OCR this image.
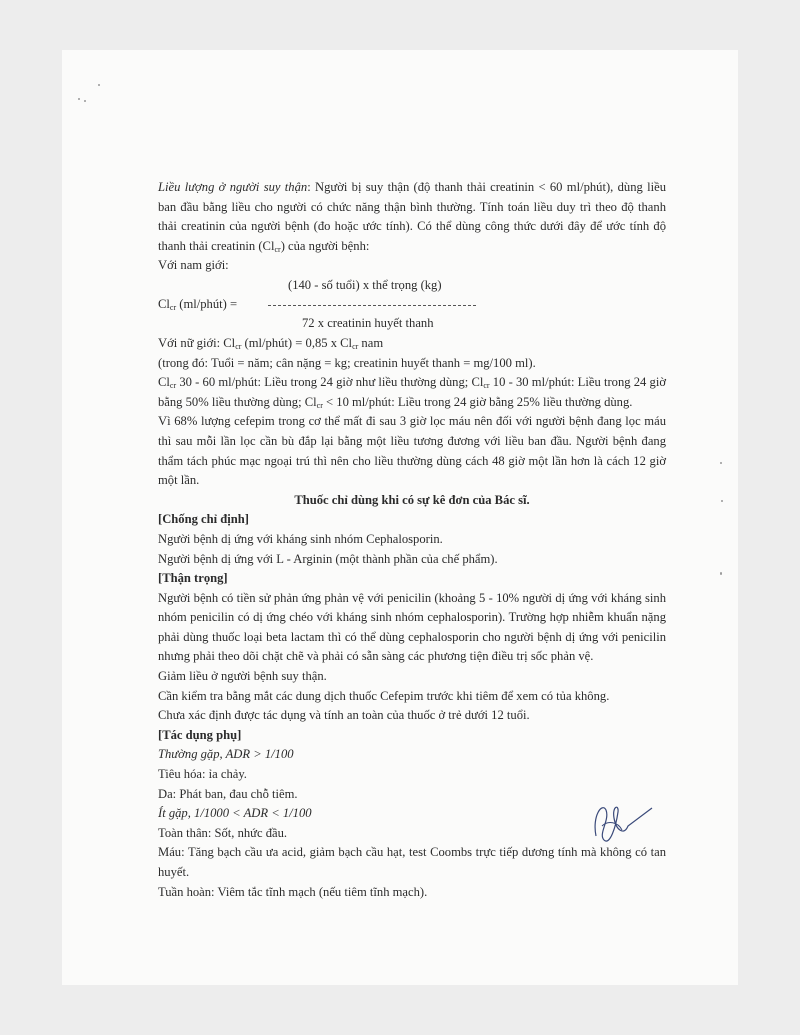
Liều lượng ở người suy thận: Người bị suy thận (độ thanh thải creatinin < 60 ml/phút), dùng liều ban đầu bằng liều cho người có chức năng thận bình thường. Tính toán liều duy trì theo độ thanh thải creatinin của người bệnh (đo hoặc ước tính). Có thể dùng công thức dưới đây để ước tính độ thanh thải creatinin $(Cl_{cr})$ của người bệnh:

Với nam giới:

(140 - số tuổi) x thể trọng (kg)
$Cl_{cr}$ (ml/phút) =
72 x creatinin huyết thanh

Với nữ giới: $Cl_{cr}$ (ml/phút) = 0,85 x $Cl_{cr}$ nam

(trong đó: Tuổi = năm; cân nặng = kg; creatinin huyết thanh = mg/100 ml).

$Cl_{cr}$ 30 - 60 ml/phút: Liều trong 24 giờ như liều thường dùng; $Cl_{cr}$ 10 - 30 ml/phút: Liều trong 24 giờ bằng 50% liều thường dùng; $Cl_{cr} < 10$ ml/phút: Liều trong 24 giờ bằng 25% liều thường dùng.

Vì 68% lượng cefepim trong cơ thể mất đi sau 3 giờ lọc máu nên đối với người bệnh đang lọc máu thì sau mỗi lần lọc cần bù đắp lại bằng một liều tương đương với liều ban đầu. Người bệnh đang thẩm tách phúc mạc ngoại trú thì nên cho liều thường dùng cách 48 giờ một lần hơn là cách 12 giờ một lần.

Thuốc chỉ dùng khi có sự kê đơn của Bác sĩ.

[Chống chỉ định]

Người bệnh dị ứng với kháng sinh nhóm Cephalosporin.

Người bệnh dị ứng với L - Arginin (một thành phần của chế phẩm).

[Thận trọng]

Người bệnh có tiền sử phản ứng phản vệ với penicilin (khoảng 5 - 10% người dị ứng với kháng sinh nhóm penicilin có dị ứng chéo với kháng sinh nhóm cephalosporin). Trường hợp nhiễm khuẩn nặng phải dùng thuốc loại beta lactam thì có thể dùng cephalosporin cho người bệnh dị ứng với penicilin nhưng phải theo dõi chặt chẽ và phải có sẵn sàng các phương tiện điều trị sốc phản vệ.

Giảm liều ở người bệnh suy thận.

Cần kiểm tra bằng mắt các dung dịch thuốc Cefepim trước khi tiêm để xem có tủa không.

Chưa xác định được tác dụng và tính an toàn của thuốc ở trẻ dưới 12 tuổi.

[Tác dụng phụ]

Thường gặp, ADR > 1/100

Tiêu hóa: ỉa chảy.

Da: Phát ban, đau chỗ tiêm.

Ít gặp, 1/1000 < ADR < 1/100

Toàn thân: Sốt, nhức đầu.

Máu: Tăng bạch cầu ưa acid, giảm bạch cầu hạt, test Coombs trực tiếp dương tính mà không có tan huyết.

Tuần hoàn: Viêm tắc tĩnh mạch (nếu tiêm tĩnh mạch).
